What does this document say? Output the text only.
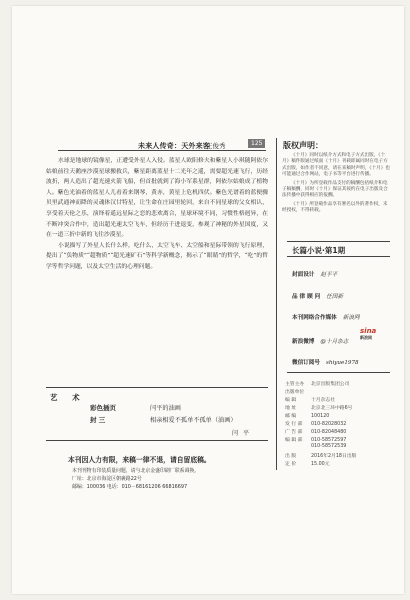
未来人传奇：天外来客
王俊秀	125

水球是地球的镜像星，正遭受外星人入侵。蓝星人欧阳修夫和紫星人小琪随阿依尔姑娘前往天鹅座沙漠星球搬救兵，紫星距离蓝星十二光年之遥，需要超光速飞行，历经波折，两人造出了超光速火箭飞船，但首批就到了海小军系星群，阿依尔姑娘成了植物人。紫色光油着的蓝星人儿看着来钢琴，黄赤，黄星上危机四伏。紫色光谱着的蓝便骤贝里武通神而降的灵魂体汉甘特星，让生命在庄园里轮回，来自不同星球的父女相认，享受着天伦之乐，演绎着遥远星际之恋的悲欢离合，星球环境不同，习惯性格迥异，在不断冲突合作中，造出超光速太空飞车，但经历千进退变，参观了神秘的外星国度，又在一道三折中新的飞往沙漠星。

小说描写了外星人长什么样，吃什么，太空飞车、太空船和星际带领的飞行原理，提出了“负物质”“超物质”“超光速矿石”等科学新概念，揭示了“眼睛”的哲学，“吃”的哲学等哲学问题，以及太空生活的心理问题。

版权声明：

《十月》同时以纸介方式和电子方式出版，《十月》稿件版通过纸面《十月》刊载即属同时在电子方式出版，如作者不同意，请在来稿时声明，《十月》也可能通过合作网站，电子书等平台进行传播。

《十月》为所登载作品支付的稿酬包括纸介和电子稿稿酬，同时《十月》保证其按约在电子出版及合法传播中获得相应的报酬。

《十月》所登载作品享有署名以外的著作权，未经授权，不得转载。

长篇小说·第1期
封面设计 赵平平
品 律 顾 问 任国新
本刊网络合作媒体 新浪网
sina
新浪网
新浪微博 @十月杂志
微信订阅号 shiyue1978
主管主办 北京出版集团公司
出版单位
编 辑	十月杂志社
地 址	北京北三环中路6号
邮 编	100120
发 行 部 010-82028032
广 告 部 010-82048480
编 辑 部 010-58572597
010-58572539
出 版	2016年2月18日出版
定 价	15.00元
艺 术
彩色插页	闫平的油画
封 三	相亲相爱不孤单不孤单（油画）
闫平
本刊因人力有限，来稿一律不退，请自留底稿。
本刊刊物有印装质量问题，请与北京金盛印刷厂联系调换。
厂址：北京市海淀区朝裹路22号
邮编：100036 电话：010－68161206 66816697
